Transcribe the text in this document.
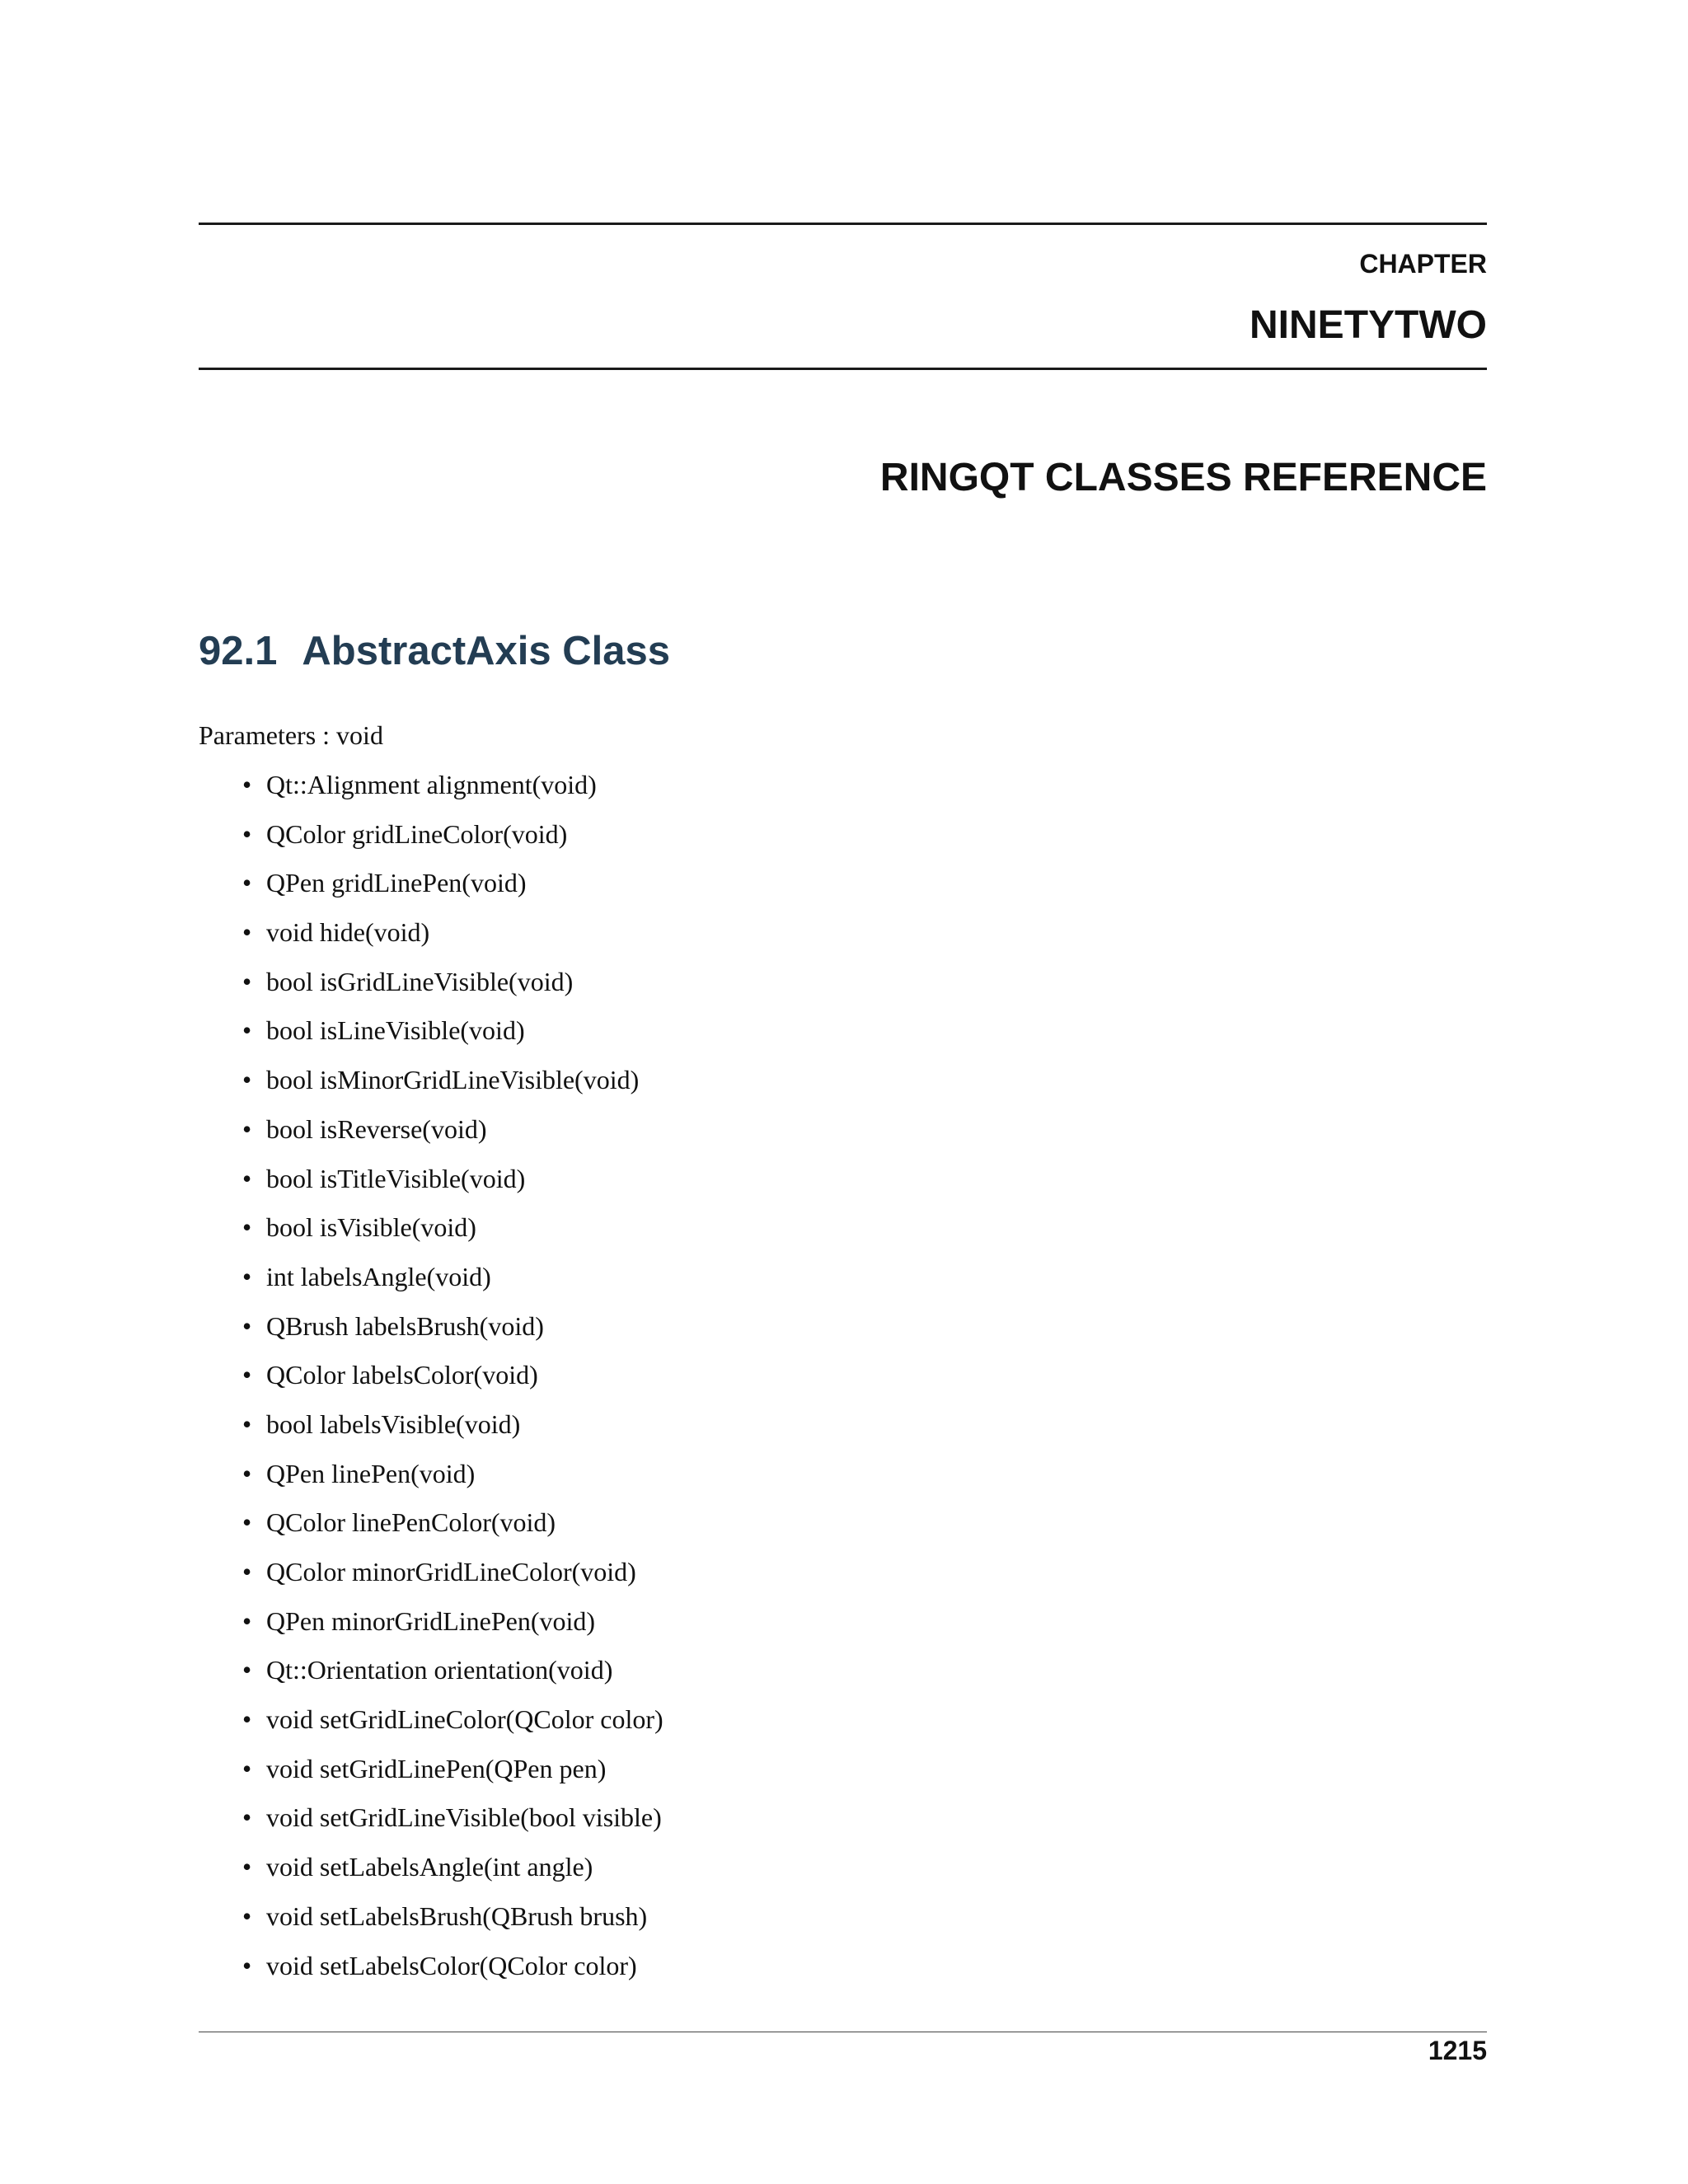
CHAPTER
NINETYTWO
RINGQT CLASSES REFERENCE
92.1 AbstractAxis Class

Parameters : void

• Qt::Alignment alignment(void)
• QColor gridLineColor(void)
• QPen gridLinePen(void)
• void hide(void)
• bool isGridLineVisible(void)
• bool isLineVisible(void)
• bool isMinorGridLineVisible(void)
• bool isReverse(void)
• bool isTitleVisible(void)
• bool isVisible(void)
• int labelsAngle(void)
• QBrush labelsBrush(void)
• QColor labelsColor(void)
• bool labelsVisible(void)
• QPen linePen(void)
• QColor linePenColor(void)
• QColor minorGridLineColor(void)
• QPen minorGridLinePen(void)
• Qt::Orientation orientation(void)
• void setGridLineColor(QColor color)
• void setGridLinePen(QPen pen)
• void setGridLineVisible(bool visible)
• void setLabelsAngle(int angle)
• void setLabelsBrush(QBrush brush)
• void setLabelsColor(QColor color)
1215
